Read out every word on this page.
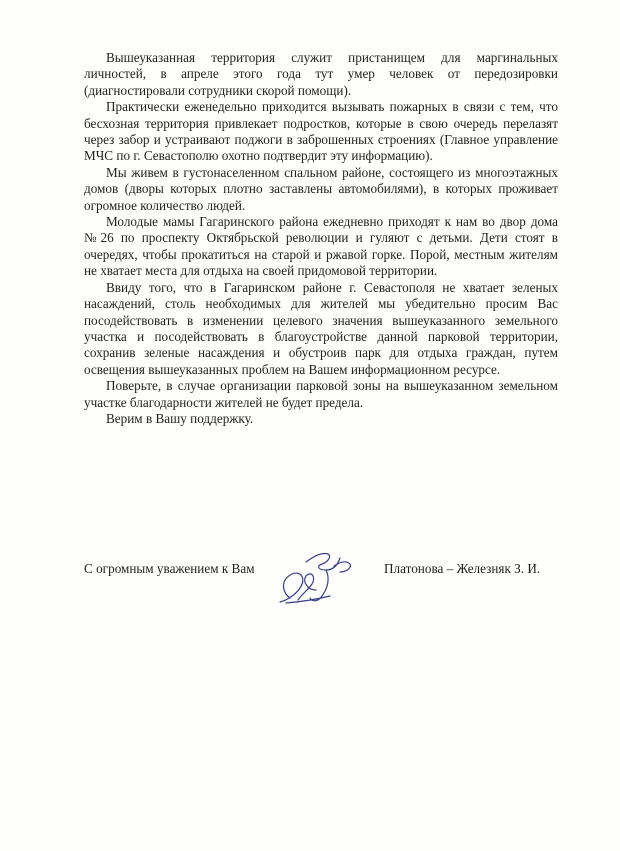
Вышеуказанная территория служит пристанищем для маргинальных личностей, в апреле этого года тут умер человек от передозировки (диагностировали сотрудники скорой помощи).

Практически еженедельно приходится вызывать пожарных в связи с тем, что бесхозная территория привлекает подростков, которые в свою очередь перелазят через забор и устраивают поджоги в заброшенных строениях (Главное управление МЧС по г. Севастополю охотно подтвердит эту информацию).

Мы живем в густонаселенном спальном районе, состоящего из многоэтажных домов (дворы которых плотно заставлены автомобилями), в которых проживает огромное количество людей.

Молодые мамы Гагаринского района ежедневно приходят к нам во двор дома №26 по проспекту Октябрьской революции и гуляют с детьми. Дети стоят в очередях, чтобы прокатиться на старой и ржавой горке. Порой, местным жителям не хватает места для отдыха на своей придомовой территории.

Ввиду того, что в Гагаринском районе г. Севастополя не хватает зеленых насаждений, столь необходимых для жителей мы убедительно просим Вас посодействовать в изменении целевого значения вышеуказанного земельного участка и посодействовать в благоустройстве данной парковой территории, сохранив зеленые насаждения и обустроив парк для отдыха граждан, путем освещения вышеуказанных проблем на Вашем информационном ресурсе.

Поверьте, в случае организации парковой зоны на вышеуказанном земельном участке благодарности жителей не будет предела.

Верим в Вашу поддержку.

С огромным уважением к Вам	Платонова – Железняк З. И.
